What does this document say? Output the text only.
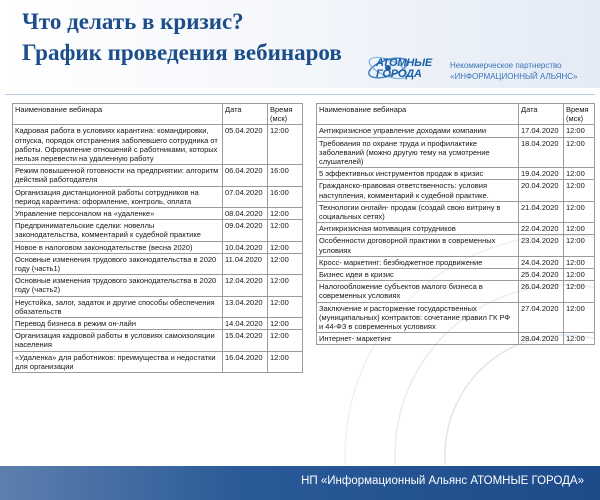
Что делать в кризис?
График проведения вебинаров	АТОМНЫЕ ГОРОДА
Некоммерческое партнерство
«ИНФОРМАЦИОННЫЙ АЛЬЯНС»
Наименование вебинара	Дата	Время (мск)
Кадровая работа в условиях карантина: командировки, отпуска, порядок отстранения заболевшего сотрудника от работы. Оформление отношений с работниками, которых нельзя перевести на удаленную работу	05.04.2020	12:00
Режим повышенной готовности на предприятии: алгоритм действий работодателя	06.04.2020	16:00
Организация дистанционной работы сотрудников на период карантина: оформление, контроль, оплата	07.04.2020	16:00
Управление персоналом на «удаленке»	08.04.2020	12:00
Предпринимательские сделки: новеллы законодательства, комментарий к судебной практике	09.04.2020	12:00
Новое в налоговом законодательстве (весна 2020)	10.04.2020	12:00
Основные изменения трудового законодательства в 2020 году (часть1)	11.04.2020	12:00
Основные изменения трудового законодательства в 2020 году (часть2)	12.04.2020	12:00
Неустойка, залог, задаток и другие способы обеспечения обязательств	13.04.2020	12:00
Перевод бизнеса в режим он-лайн	14.04.2020	12:00
Организация кадровой работы в условиях самоизоляции населения	15.04.2020	12:00
«Удаленка» для работников: преимущества и недостатки для организации	16.04.2020	12:00
Наименование вебинара	Дата	Время (мск)
Антикризисное управление доходами компании	17.04.2020	12:00
Требования по охране труда и профилактике заболеваний (можно другую тему на усмотрение слушателей)	18.04.2020	12:00
5 эффективных инструментов продаж в кризис	19.04.2020	12:00
Гражданско-правовая ответственность: условия наступления, комментарий к судебной практике.	20.04.2020	12:00
Технологии онлайн- продаж (создай свою витрину в социальных сетях)	21.04.2020	12:00
Антикризисная мотивация сотрудников	22.04.2020	12:00
Особенности договорной практики в современных условиях	23.04.2020	12:00
Кросс- маркетинг: безбюджетное продвижение	24.04.2020	12:00
Бизнес идеи в кризис	25.04.2020	12:00
Налогообложение субъектов малого бизнеса в современных условиях	26.04.2020	12:00
Заключение и расторжение государственных (муниципальных) контрактов: сочетание правил ГК РФ и 44-ФЗ в современных условиях	27.04.2020	12:00
Интернет- маркетинг	28.04.2020	12:00
НП «Информационный Альянс АТОМНЫЕ ГОРОДА»
